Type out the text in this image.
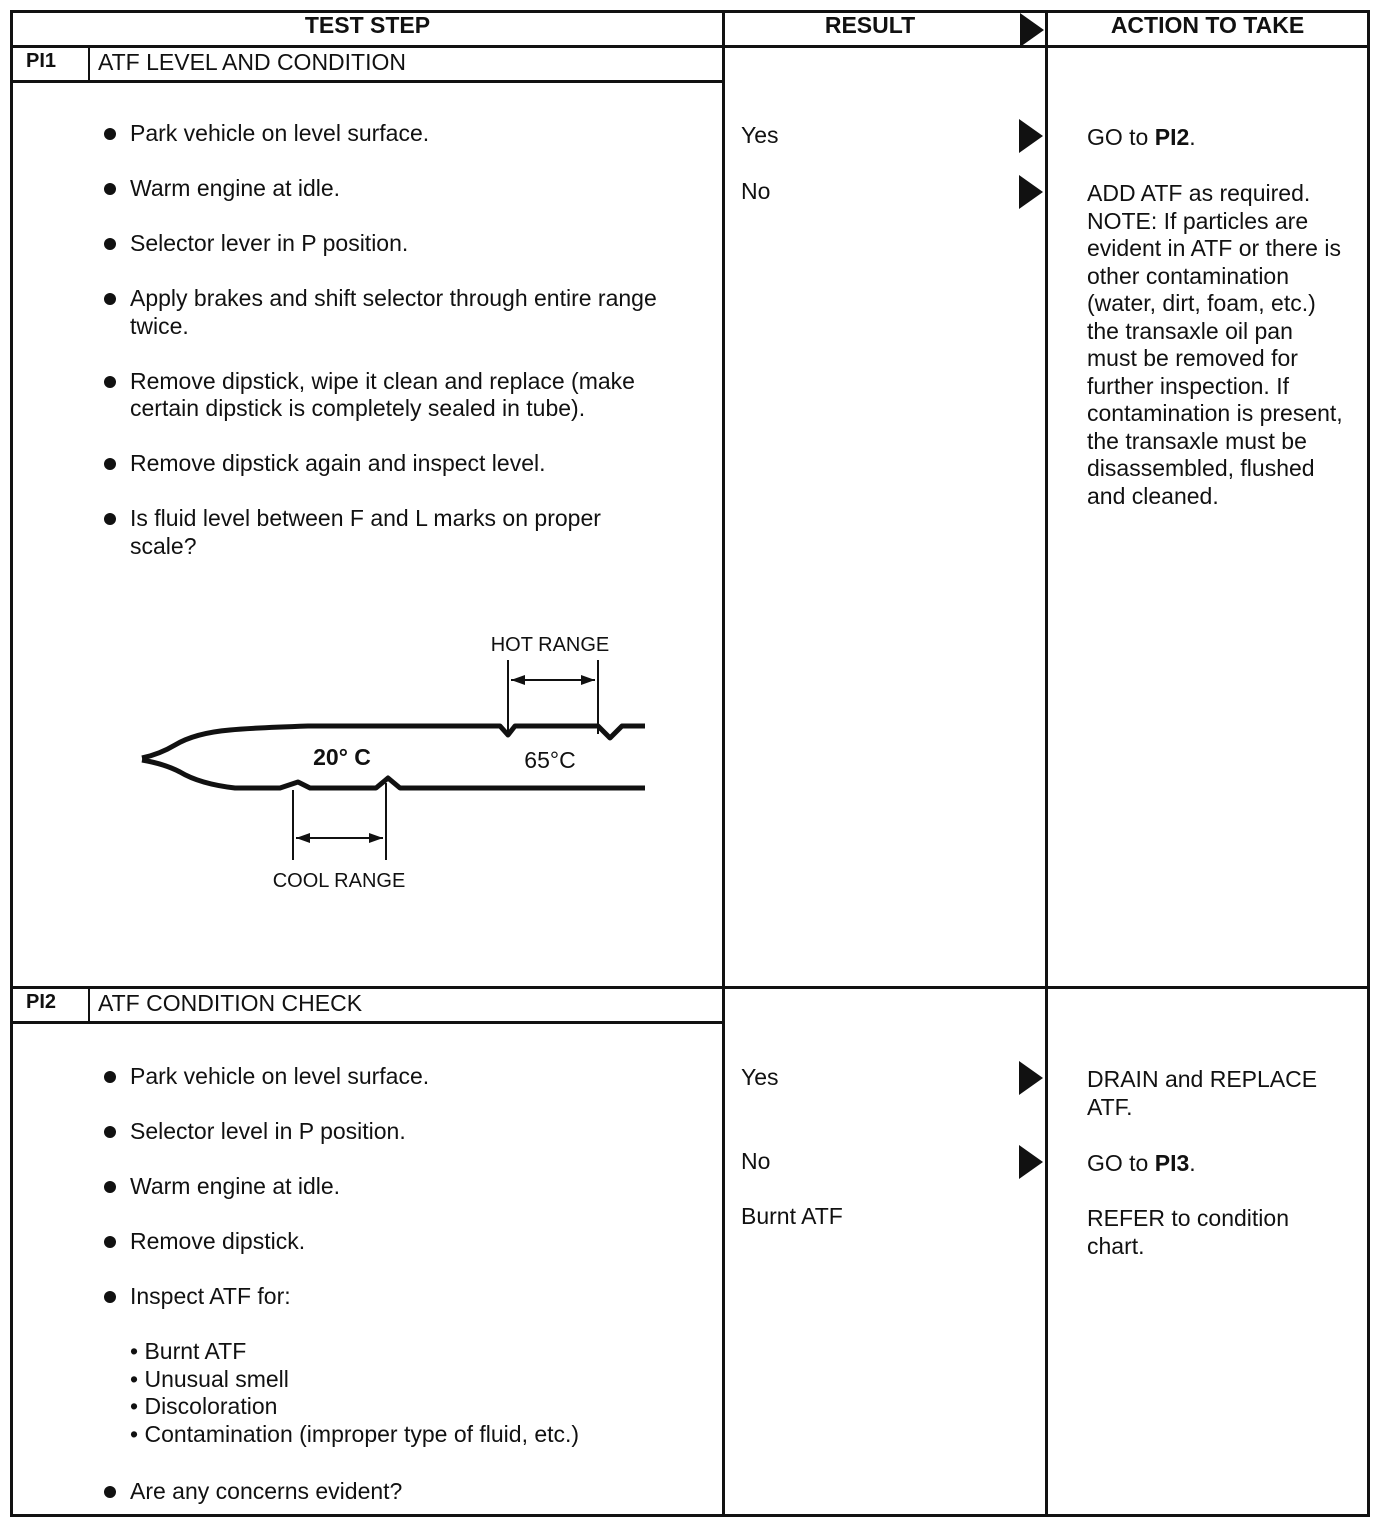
TEST STEP	RESULT	ACTION TO TAKE
PI1 ATF LEVEL AND CONDITION
Park vehicle on level surface.
Warm engine at idle.
Selector lever in P position.
Apply brakes and shift selector through entire range twice.
Remove dipstick, wipe it clean and replace (make certain dipstick is completely sealed in tube).
Remove dipstick again and inspect level.
Is fluid level between F and L marks on proper scale?
HOT RANGE
COOL RANGE
20° C	65°C
Yes	GO to PI2.
No	ADD ATF as required. NOTE: If particles are evident in ATF or there is other contamination (water, dirt, foam, etc.) the transaxle oil pan must be removed for further inspection. If contamination is present, the transaxle must be disassembled, flushed and cleaned.
PI2 ATF CONDITION CHECK
Park vehicle on level surface.
Selector level in P position.
Warm engine at idle.
Remove dipstick.
Inspect ATF for:
• Burnt ATF
• Unusual smell
• Discoloration
• Contamination (improper type of fluid, etc.)
Are any concerns evident?
Yes	DRAIN and REPLACE ATF.
No	GO to PI3.
Burnt ATF	REFER to condition chart.
